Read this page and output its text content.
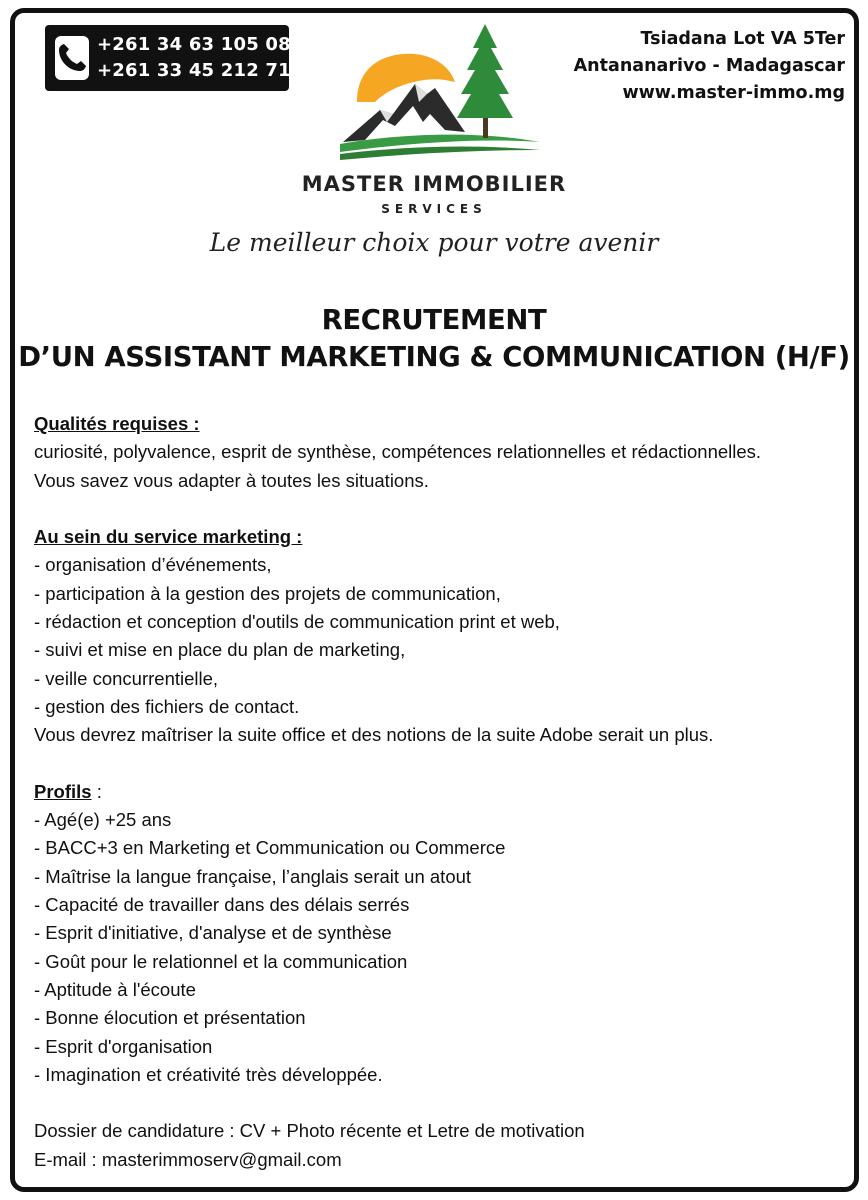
+261 34 63 105 08
+261 33 45 212 71
Tsiadana Lot VA 5Ter
Antananarivo - Madagascar
www.master-immo.mg
MASTER IMMOBILIER
SERVICES
Le meilleur choix pour votre avenir
RECRUTEMENT
D’UN ASSISTANT MARKETING & COMMUNICATION (H/F)
Qualités requises :
curiosité, polyvalence, esprit de synthèse, compétences relationnelles et rédactionnelles.
Vous savez vous adapter à toutes les situations.
Au sein du service marketing :
- organisation d’événements,
- participation à la gestion des projets de communication,
- rédaction et conception d'outils de communication print et web,
- suivi et mise en place du plan de marketing,
- veille concurrentielle,
- gestion des fichiers de contact.
Vous devrez maîtriser la suite office et des notions de la suite Adobe serait un plus.
Profils :
- Agé(e) +25 ans
- BACC+3 en Marketing et Communication ou Commerce
- Maîtrise la langue française, l’anglais serait un atout
- Capacité de travailler dans des délais serrés
- Esprit d'initiative, d'analyse et de synthèse
- Goût pour le relationnel et la communication
- Aptitude à l'écoute
- Bonne élocution et présentation
- Esprit d'organisation
- Imagination et créativité très développée.
Dossier de candidature : CV + Photo récente et Letre de motivation
E-mail : masterimmoserv@gmail.com
